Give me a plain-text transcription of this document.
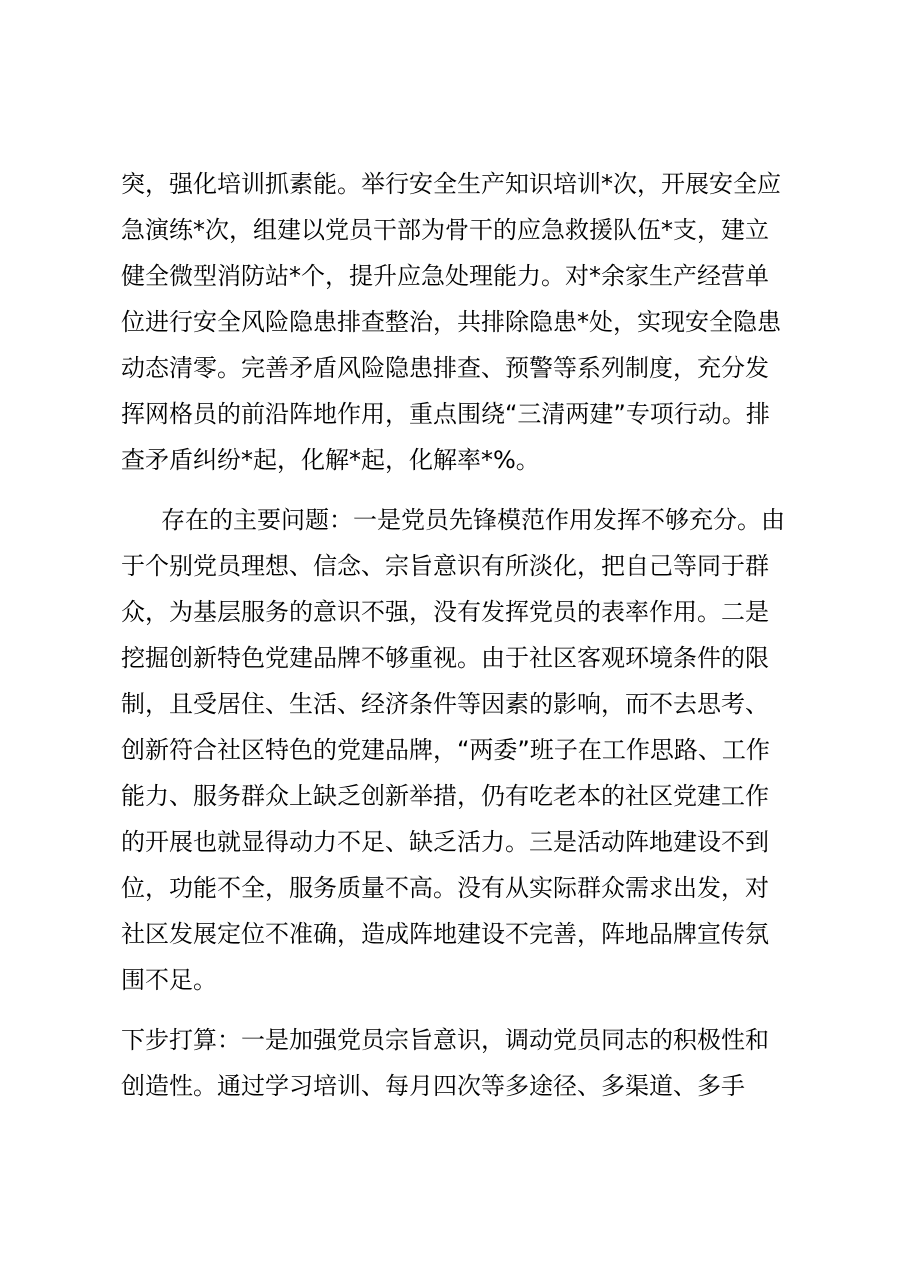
突，强化培训抓素能。举行安全生产知识培训*次，开展安全应
急演练*次，组建以党员干部为骨干的应急救援队伍*支，建立
健全微型消防站*个，提升应急处理能力。对*余家生产经营单
位进行安全风险隐患排查整治，共排除隐患*处，实现安全隐患
动态清零。完善矛盾风险隐患排查、预警等系列制度，充分发
挥网格员的前沿阵地作用，重点围绕“三清两建”专项行动。排
查矛盾纠纷*起，化解*起，化解率*%。
存在的主要问题：一是党员先锋模范作用发挥不够充分。由
于个别党员理想、信念、宗旨意识有所淡化，把自己等同于群
众，为基层服务的意识不强，没有发挥党员的表率作用。二是
挖掘创新特色党建品牌不够重视。由于社区客观环境条件的限
制，且受居住、生活、经济条件等因素的影响，而不去思考、
创新符合社区特色的党建品牌，“两委”班子在工作思路、工作
能力、服务群众上缺乏创新举措，仍有吃老本的社区党建工作
的开展也就显得动力不足、缺乏活力。三是活动阵地建设不到
位，功能不全，服务质量不高。没有从实际群众需求出发，对
社区发展定位不准确，造成阵地建设不完善，阵地品牌宣传氛
围不足。
下步打算：一是加强党员宗旨意识，调动党员同志的积极性和
创造性。通过学习培训、每月四次等多途径、多渠道、多手
